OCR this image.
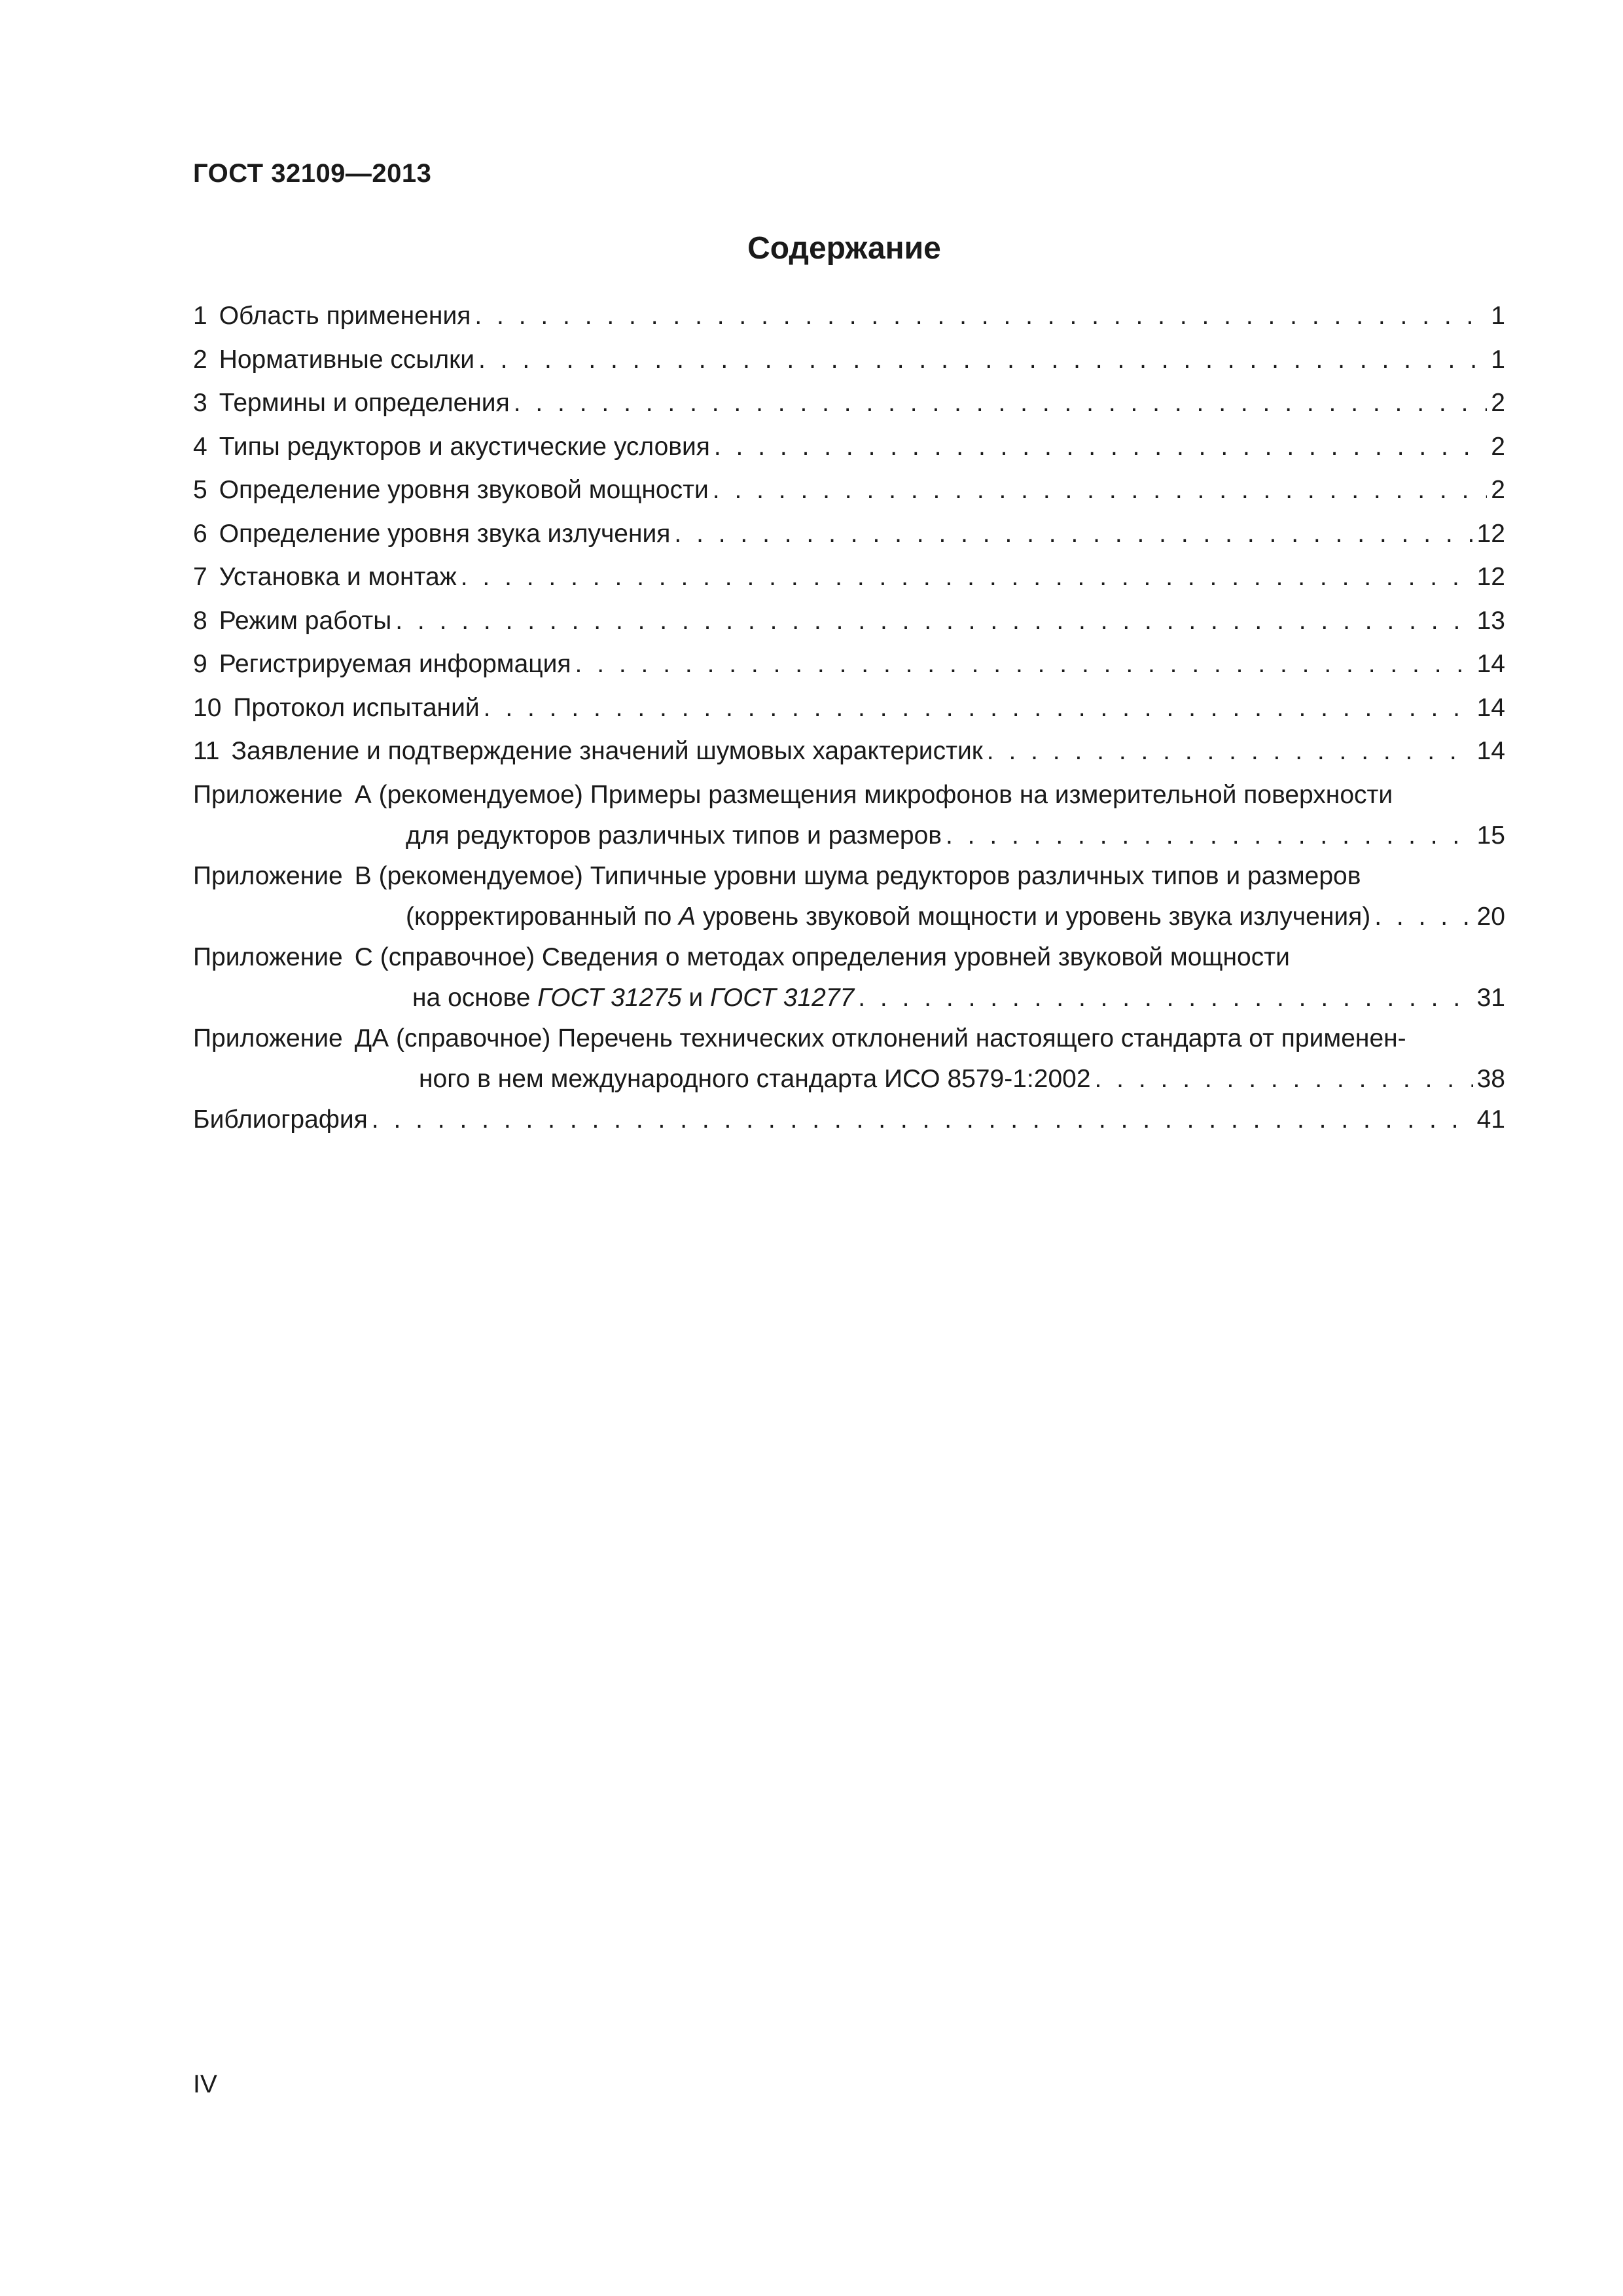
ГОСТ 32109—2013
Содержание
1 Область применения . . .	1
2 Нормативные ссылки . . .	1
3 Термины и определения . . .	2
4 Типы редукторов и акустические условия . . .	2
5 Определение уровня звуковой мощности . . .	2
6 Определение уровня звука излучения . . .	12
7 Установка и монтаж . . .	12
8 Режим работы . . .	13
9 Регистрируемая информация . . .	14
10 Протокол испытаний . . .	14
11 Заявление и подтверждение значений шумовых характеристик . . .	14
Приложение А (рекомендуемое) Примеры размещения микрофонов на измерительной поверхности
для редукторов различных типов и размеров . . .	15
Приложение В (рекомендуемое) Типичные уровни шума редукторов различных типов и размеров
(корректированный по А уровень звуковой мощности и уровень звука излучения) . . .	20
Приложение С (справочное) Сведения о методах определения уровней звуковой мощности
на основе ГОСТ 31275 и ГОСТ 31277 . . .	31
Приложение ДА (справочное) Перечень технических отклонений настоящего стандарта от применен-
ного в нем международного стандарта ИСО 8579-1:2002 . . .	38
Библиография . . .	41
IV
